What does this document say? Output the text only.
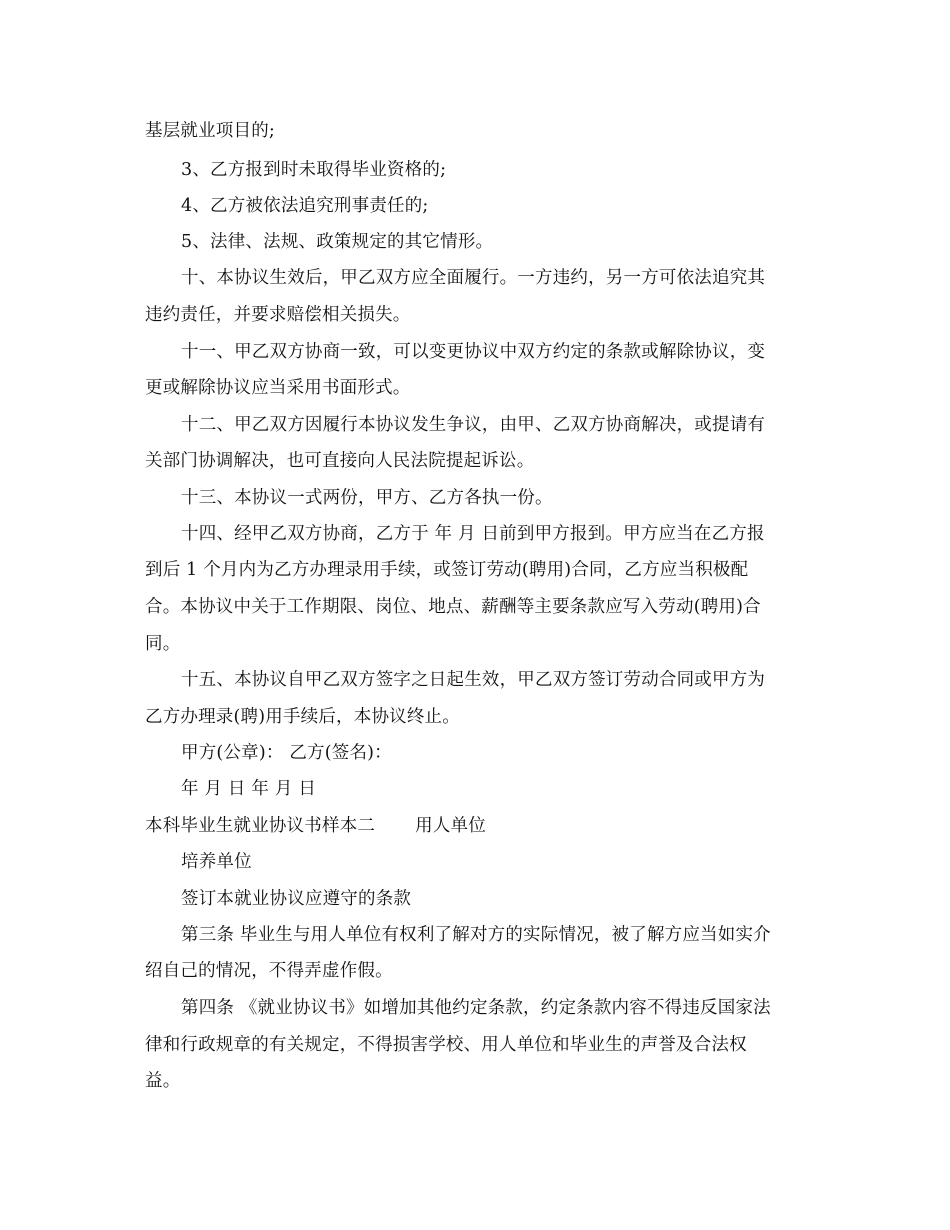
基层就业项目的;
3、乙方报到时未取得毕业资格的;
4、乙方被依法追究刑事责任的;
5、法律、法规、政策规定的其它情形。
十、本协议生效后，甲乙双方应全面履行。一方违约，另一方可依法追究其
违约责任，并要求赔偿相关损失。
十一、甲乙双方协商一致，可以变更协议中双方约定的条款或解除协议，变
更或解除协议应当采用书面形式。
十二、甲乙双方因履行本协议发生争议，由甲、乙双方协商解决，或提请有
关部门协调解决，也可直接向人民法院提起诉讼。
十三、本协议一式两份，甲方、乙方各执一份。
十四、经甲乙双方协商，乙方于 年 月 日前到甲方报到。甲方应当在乙方报
到后 1 个月内为乙方办理录用手续，或签订劳动(聘用)合同，乙方应当积极配
合。本协议中关于工作期限、岗位、地点、薪酬等主要条款应写入劳动(聘用)合
同。
十五、本协议自甲乙双方签字之日起生效，甲乙双方签订劳动合同或甲方为
乙方办理录(聘)用手续后，本协议终止。
甲方(公章)： 乙方(签名)：
年 月 日 年 月 日
本科毕业生就业协议书样本二 用人单位
培养单位
签订本就业协议应遵守的条款
第三条 毕业生与用人单位有权利了解对方的实际情况，被了解方应当如实介
绍自己的情况，不得弄虚作假。
第四条 《就业协议书》如增加其他约定条款，约定条款内容不得违反国家法
律和行政规章的有关规定，不得损害学校、用人单位和毕业生的声誉及合法权
益。
